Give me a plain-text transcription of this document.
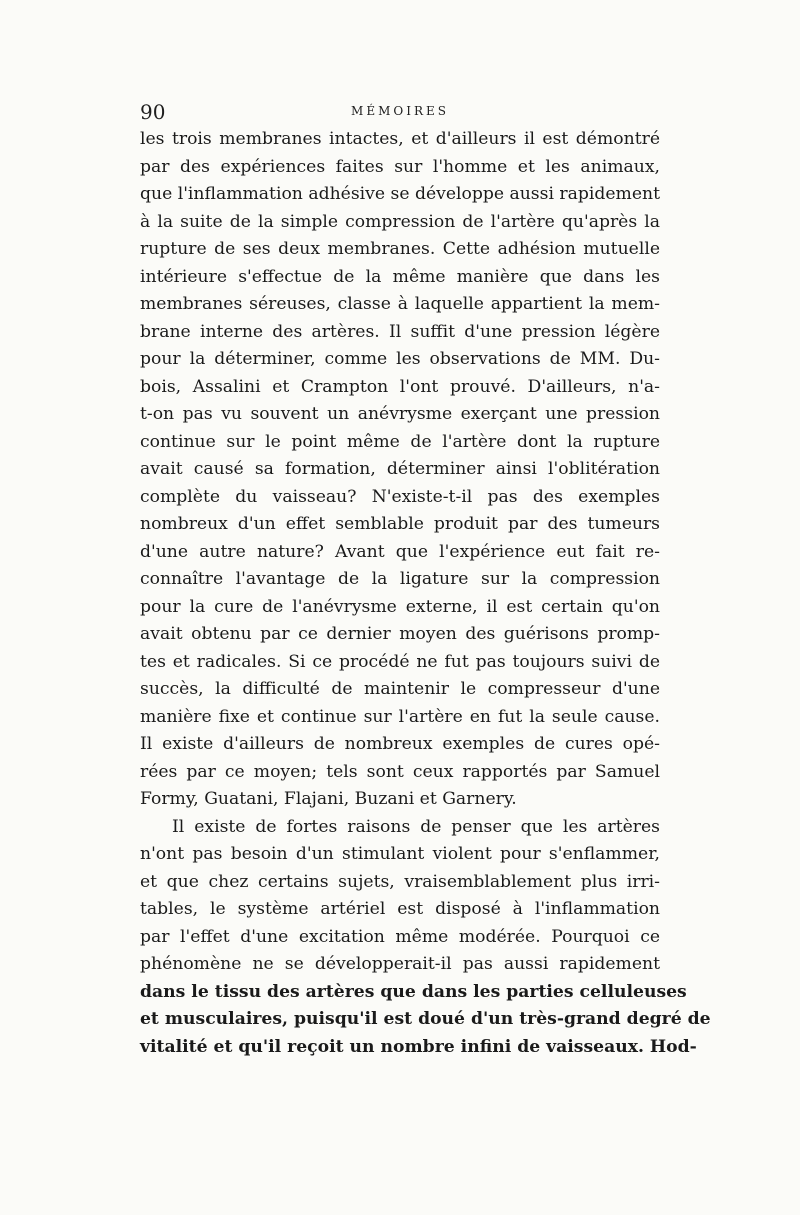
90	MÉMOIRES
les trois membranes intactes, et d'ailleurs il est démontré
par des expériences faites sur l'homme et les animaux,
que l'inflammation adhésive se développe aussi rapidement
à la suite de la simple compression de l'artère qu'après la
rupture de ses deux membranes. Cette adhésion mutuelle
intérieure s'effectue de la même manière que dans les
membranes séreuses, classe à laquelle appartient la mem-
brane interne des artères. Il suffit d'une pression légère
pour la déterminer, comme les observations de MM. Du-
bois, Assalini et Crampton l'ont prouvé. D'ailleurs, n'a-
t-on pas vu souvent un anévrysme exerçant une pression
continue sur le point même de l'artère dont la rupture
avait causé sa formation, déterminer ainsi l'oblitération
complète du vaisseau? N'existe-t-il pas des exemples
nombreux d'un effet semblable produit par des tumeurs
d'une autre nature? Avant que l'expérience eut fait re-
connaître l'avantage de la ligature sur la compression
pour la cure de l'anévrysme externe, il est certain qu'on
avait obtenu par ce dernier moyen des guérisons promp-
tes et radicales. Si ce procédé ne fut pas toujours suivi de
succès, la difficulté de maintenir le compresseur d'une
manière fixe et continue sur l'artère en fut la seule cause.
Il existe d'ailleurs de nombreux exemples de cures opé-
rées par ce moyen; tels sont ceux rapportés par Samuel
Formy, Guatani, Flajani, Buzani et Garnery.
Il existe de fortes raisons de penser que les artères
n'ont pas besoin d'un stimulant violent pour s'enflammer,
et que chez certains sujets, vraisemblablement plus irri-
tables, le système artériel est disposé à l'inflammation
par l'effet d'une excitation même modérée. Pourquoi ce
phénomène ne se développerait-il pas aussi rapidement
dans le tissu des artères que dans les parties celluleuses
et musculaires, puisqu'il est doué d'un très-grand degré de
vitalité et qu'il reçoit un nombre infini de vaisseaux. Hod-
